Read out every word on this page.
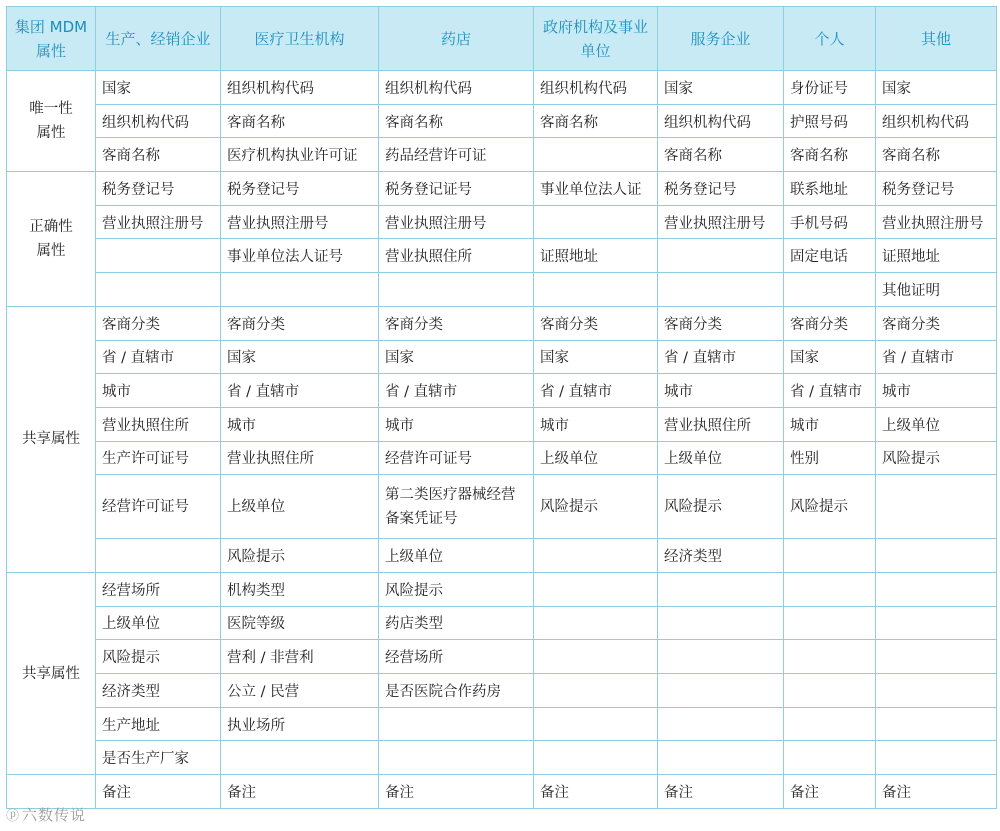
集团 MDM 属性	生产、经销企业	医疗卫生机构	药店	政府机构及事业单位	服务企业	个人	其他
唯一性
属性	国家	组织机构代码	组织机构代码	组织机构代码	国家	身份证号	国家
	组织机构代码	客商名称	客商名称	客商名称	组织机构代码	护照号码	组织机构代码
	客商名称	医疗机构执业许可证	药品经营许可证		客商名称	客商名称	客商名称
正确性
属性	税务登记号	税务登记号	税务登记证号	事业单位法人证	税务登记号	联系地址	税务登记号
	营业执照注册号	营业执照注册号	营业执照注册号		营业执照注册号	手机号码	营业执照注册号
		事业单位法人证号	营业执照住所	证照地址		固定电话	证照地址
							其他证明
共享属性	客商分类	客商分类	客商分类	客商分类	客商分类	客商分类	客商分类
	省 / 直辖市	国家	国家	国家	省 / 直辖市	国家	省 / 直辖市
	城市	省 / 直辖市	省 / 直辖市	省 / 直辖市	城市	省 / 直辖市	城市
	营业执照住所	城市	城市	城市	营业执照住所	城市	上级单位
	生产许可证号	营业执照住所	经营许可证号	上级单位	上级单位	性别	风险提示
	经营许可证号	上级单位	第二类医疗器械经营备案凭证号	风险提示	风险提示	风险提示	
		风险提示	上级单位		经济类型		
共享属性	经营场所	机构类型	风险提示				
	上级单位	医院等级	药店类型				
	风险提示	营利 / 非营利	经营场所				
	经济类型	公立 / 民营	是否医院合作药房				
	生产地址	执业场所					
	是否生产厂家						
	备注	备注	备注	备注	备注	备注	备注
ⓟ 六数传说
